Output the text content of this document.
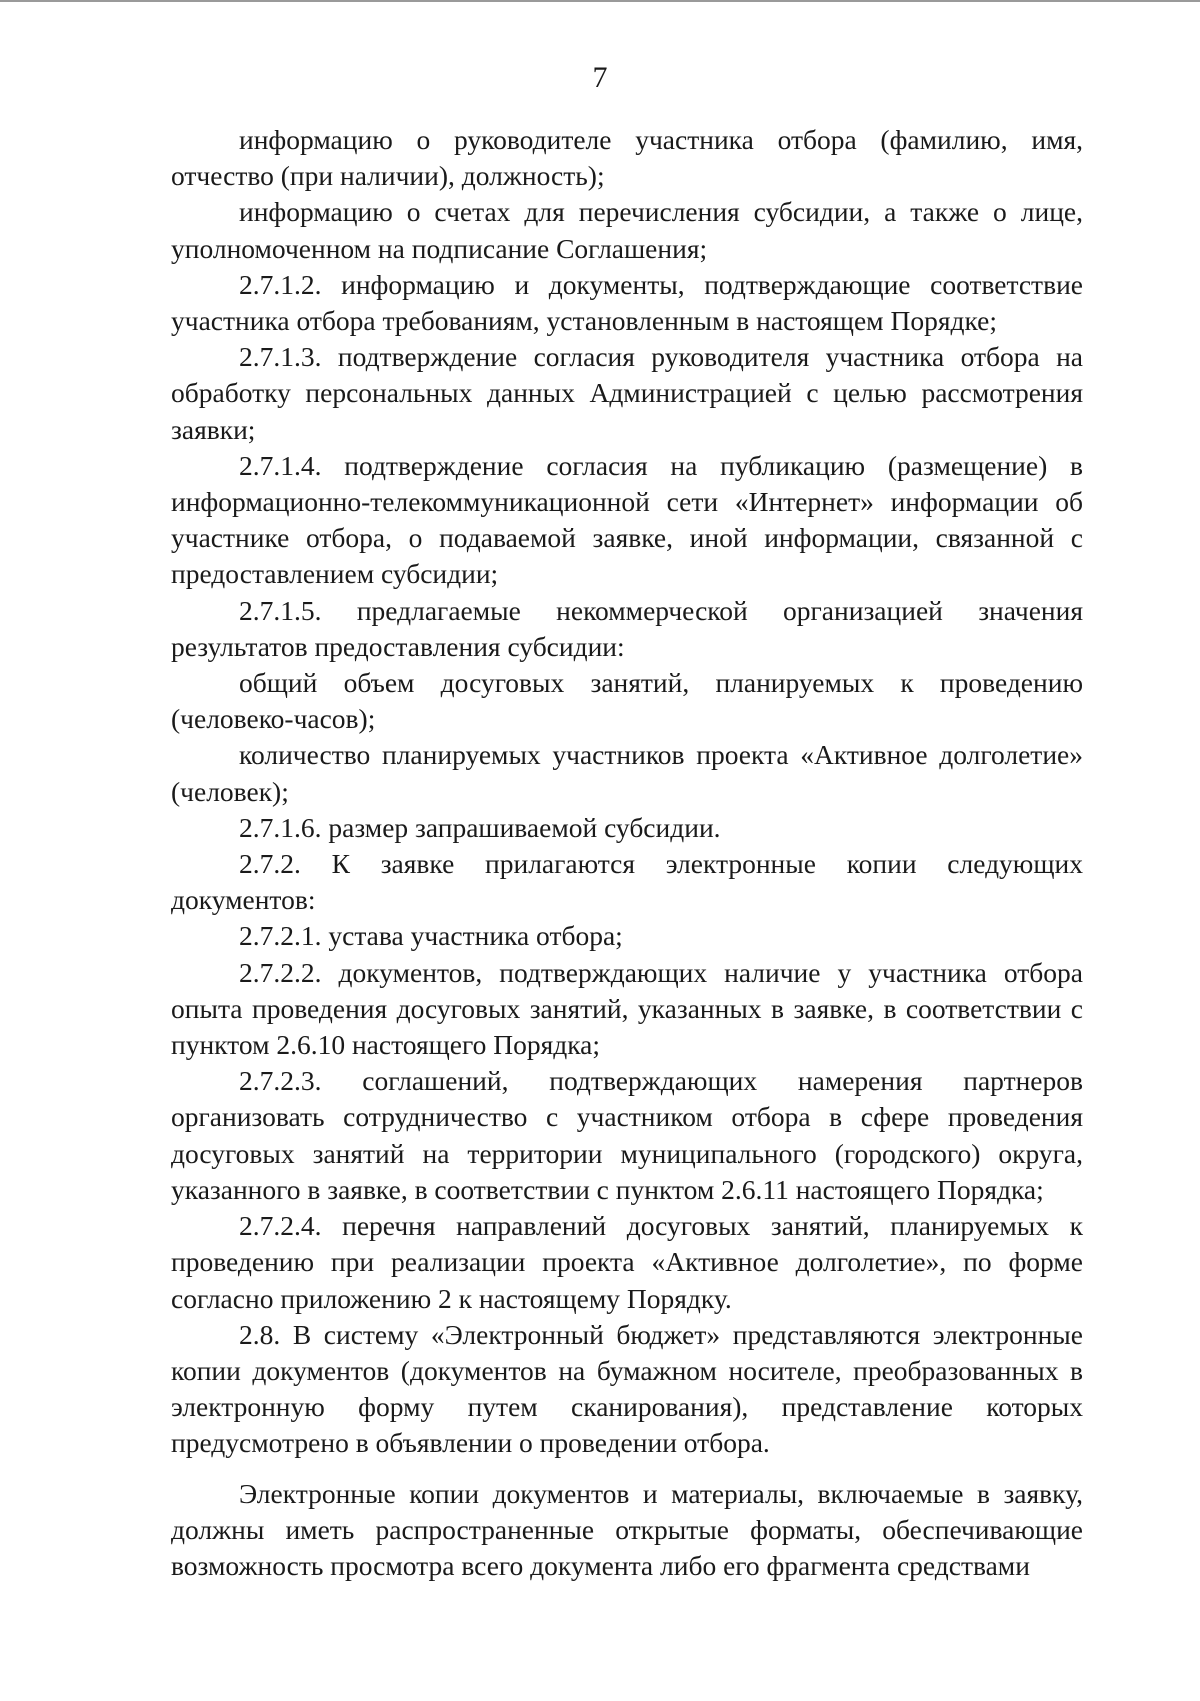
7

информацию о руководителе участника отбора (фамилию, имя, отчество (при наличии), должность);

информацию о счетах для перечисления субсидии, а также о лице, уполномоченном на подписание Соглашения;

2.7.1.2. информацию и документы, подтверждающие соответствие участника отбора требованиям, установленным в настоящем Порядке;

2.7.1.3. подтверждение согласия руководителя участника отбора на обработку персональных данных Администрацией с целью рассмотрения заявки;

2.7.1.4. подтверждение согласия на публикацию (размещение) в информационно-телекоммуникационной сети «Интернет» информации об участнике отбора, о подаваемой заявке, иной информации, связанной с предоставлением субсидии;

2.7.1.5. предлагаемые некоммерческой организацией значения результатов предоставления субсидии:

общий объем досуговых занятий, планируемых к проведению (человеко-часов);

количество планируемых участников проекта «Активное долголетие» (человек);

2.7.1.6. размер запрашиваемой субсидии.

2.7.2. К заявке прилагаются электронные копии следующих документов:

2.7.2.1. устава участника отбора;

2.7.2.2. документов, подтверждающих наличие у участника отбора опыта проведения досуговых занятий, указанных в заявке, в соответствии с пунктом 2.6.10 настоящего Порядка;

2.7.2.3. соглашений, подтверждающих намерения партнеров организовать сотрудничество с участником отбора в сфере проведения досуговых занятий на территории муниципального (городского) округа, указанного в заявке, в соответствии с пунктом 2.6.11 настоящего Порядка;

2.7.2.4. перечня направлений досуговых занятий, планируемых к проведению при реализации проекта «Активное долголетие», по форме согласно приложению 2 к настоящему Порядку.

2.8. В систему «Электронный бюджет» представляются электронные копии документов (документов на бумажном носителе, преобразованных в электронную форму путем сканирования), представление которых предусмотрено в объявлении о проведении отбора.

Электронные копии документов и материалы, включаемые в заявку, должны иметь распространенные открытые форматы, обеспечивающие возможность просмотра всего документа либо его фрагмента средствами
